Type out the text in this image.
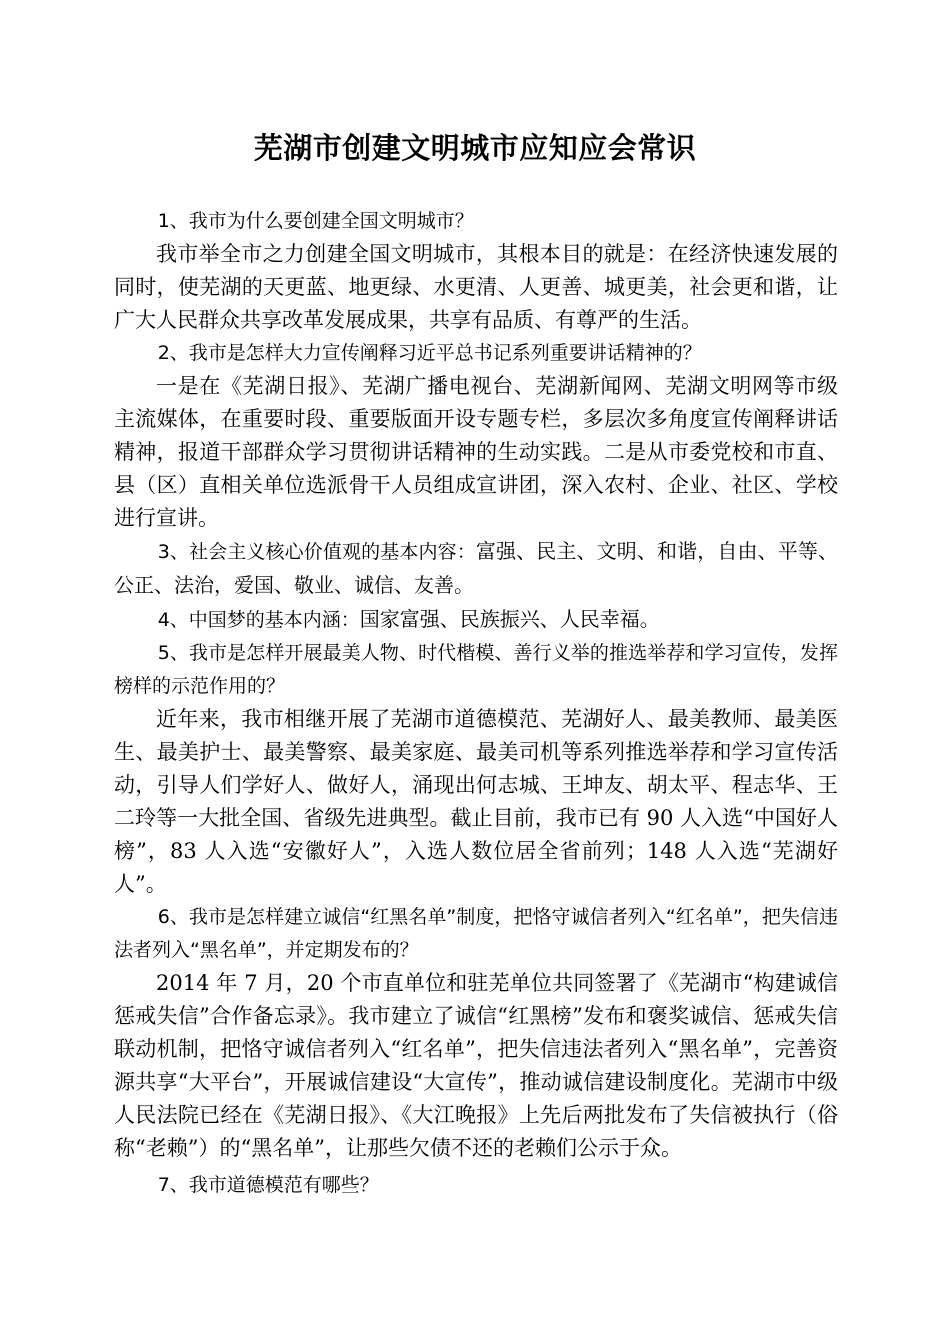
芜湖市创建文明城市应知应会常识

1、我市为什么要创建全国文明城市？

我市举全市之力创建全国文明城市，其根本目的就是：在经济快速发展的同时，使芜湖的天更蓝、地更绿、水更清、人更善、城更美，社会更和谐，让广大人民群众共享改革发展成果，共享有品质、有尊严的生活。

2、我市是怎样大力宣传阐释习近平总书记系列重要讲话精神的？

一是在《芜湖日报》、芜湖广播电视台、芜湖新闻网、芜湖文明网等市级主流媒体，在重要时段、重要版面开设专题专栏，多层次多角度宣传阐释讲话精神，报道干部群众学习贯彻讲话精神的生动实践。二是从市委党校和市直、县（区）直相关单位选派骨干人员组成宣讲团，深入农村、企业、社区、学校进行宣讲。

3、社会主义核心价值观的基本内容：富强、民主、文明、和谐，自由、平等、公正、法治，爱国、敬业、诚信、友善。

4、中国梦的基本内涵：国家富强、民族振兴、人民幸福。

5、我市是怎样开展最美人物、时代楷模、善行义举的推选举荐和学习宣传，发挥榜样的示范作用的？

近年来，我市相继开展了芜湖市道德模范、芜湖好人、最美教师、最美医生、最美护士、最美警察、最美家庭、最美司机等系列推选举荐和学习宣传活动，引导人们学好人、做好人，涌现出何志城、王坤友、胡太平、程志华、王二玲等一大批全国、省级先进典型。截止目前，我市已有 90 人入选“中国好人榜”，83 人入选“安徽好人”，入选人数位居全省前列；148 人入选“芜湖好人”。

6、我市是怎样建立诚信“红黑名单”制度，把恪守诚信者列入“红名单”，把失信违法者列入“黑名单”，并定期发布的？

2014 年 7 月，20 个市直单位和驻芜单位共同签署了《芜湖市“构建诚信 惩戒失信”合作备忘录》。我市建立了诚信“红黑榜”发布和褒奖诚信、惩戒失信联动机制，把恪守诚信者列入“红名单”，把失信违法者列入“黑名单”，完善资源共享“大平台”，开展诚信建设“大宣传”，推动诚信建设制度化。芜湖市中级人民法院已经在《芜湖日报》、《大江晚报》上先后两批发布了失信被执行（俗称“老赖”）的“黑名单”，让那些欠债不还的老赖们公示于众。

7、我市道德模范有哪些？
